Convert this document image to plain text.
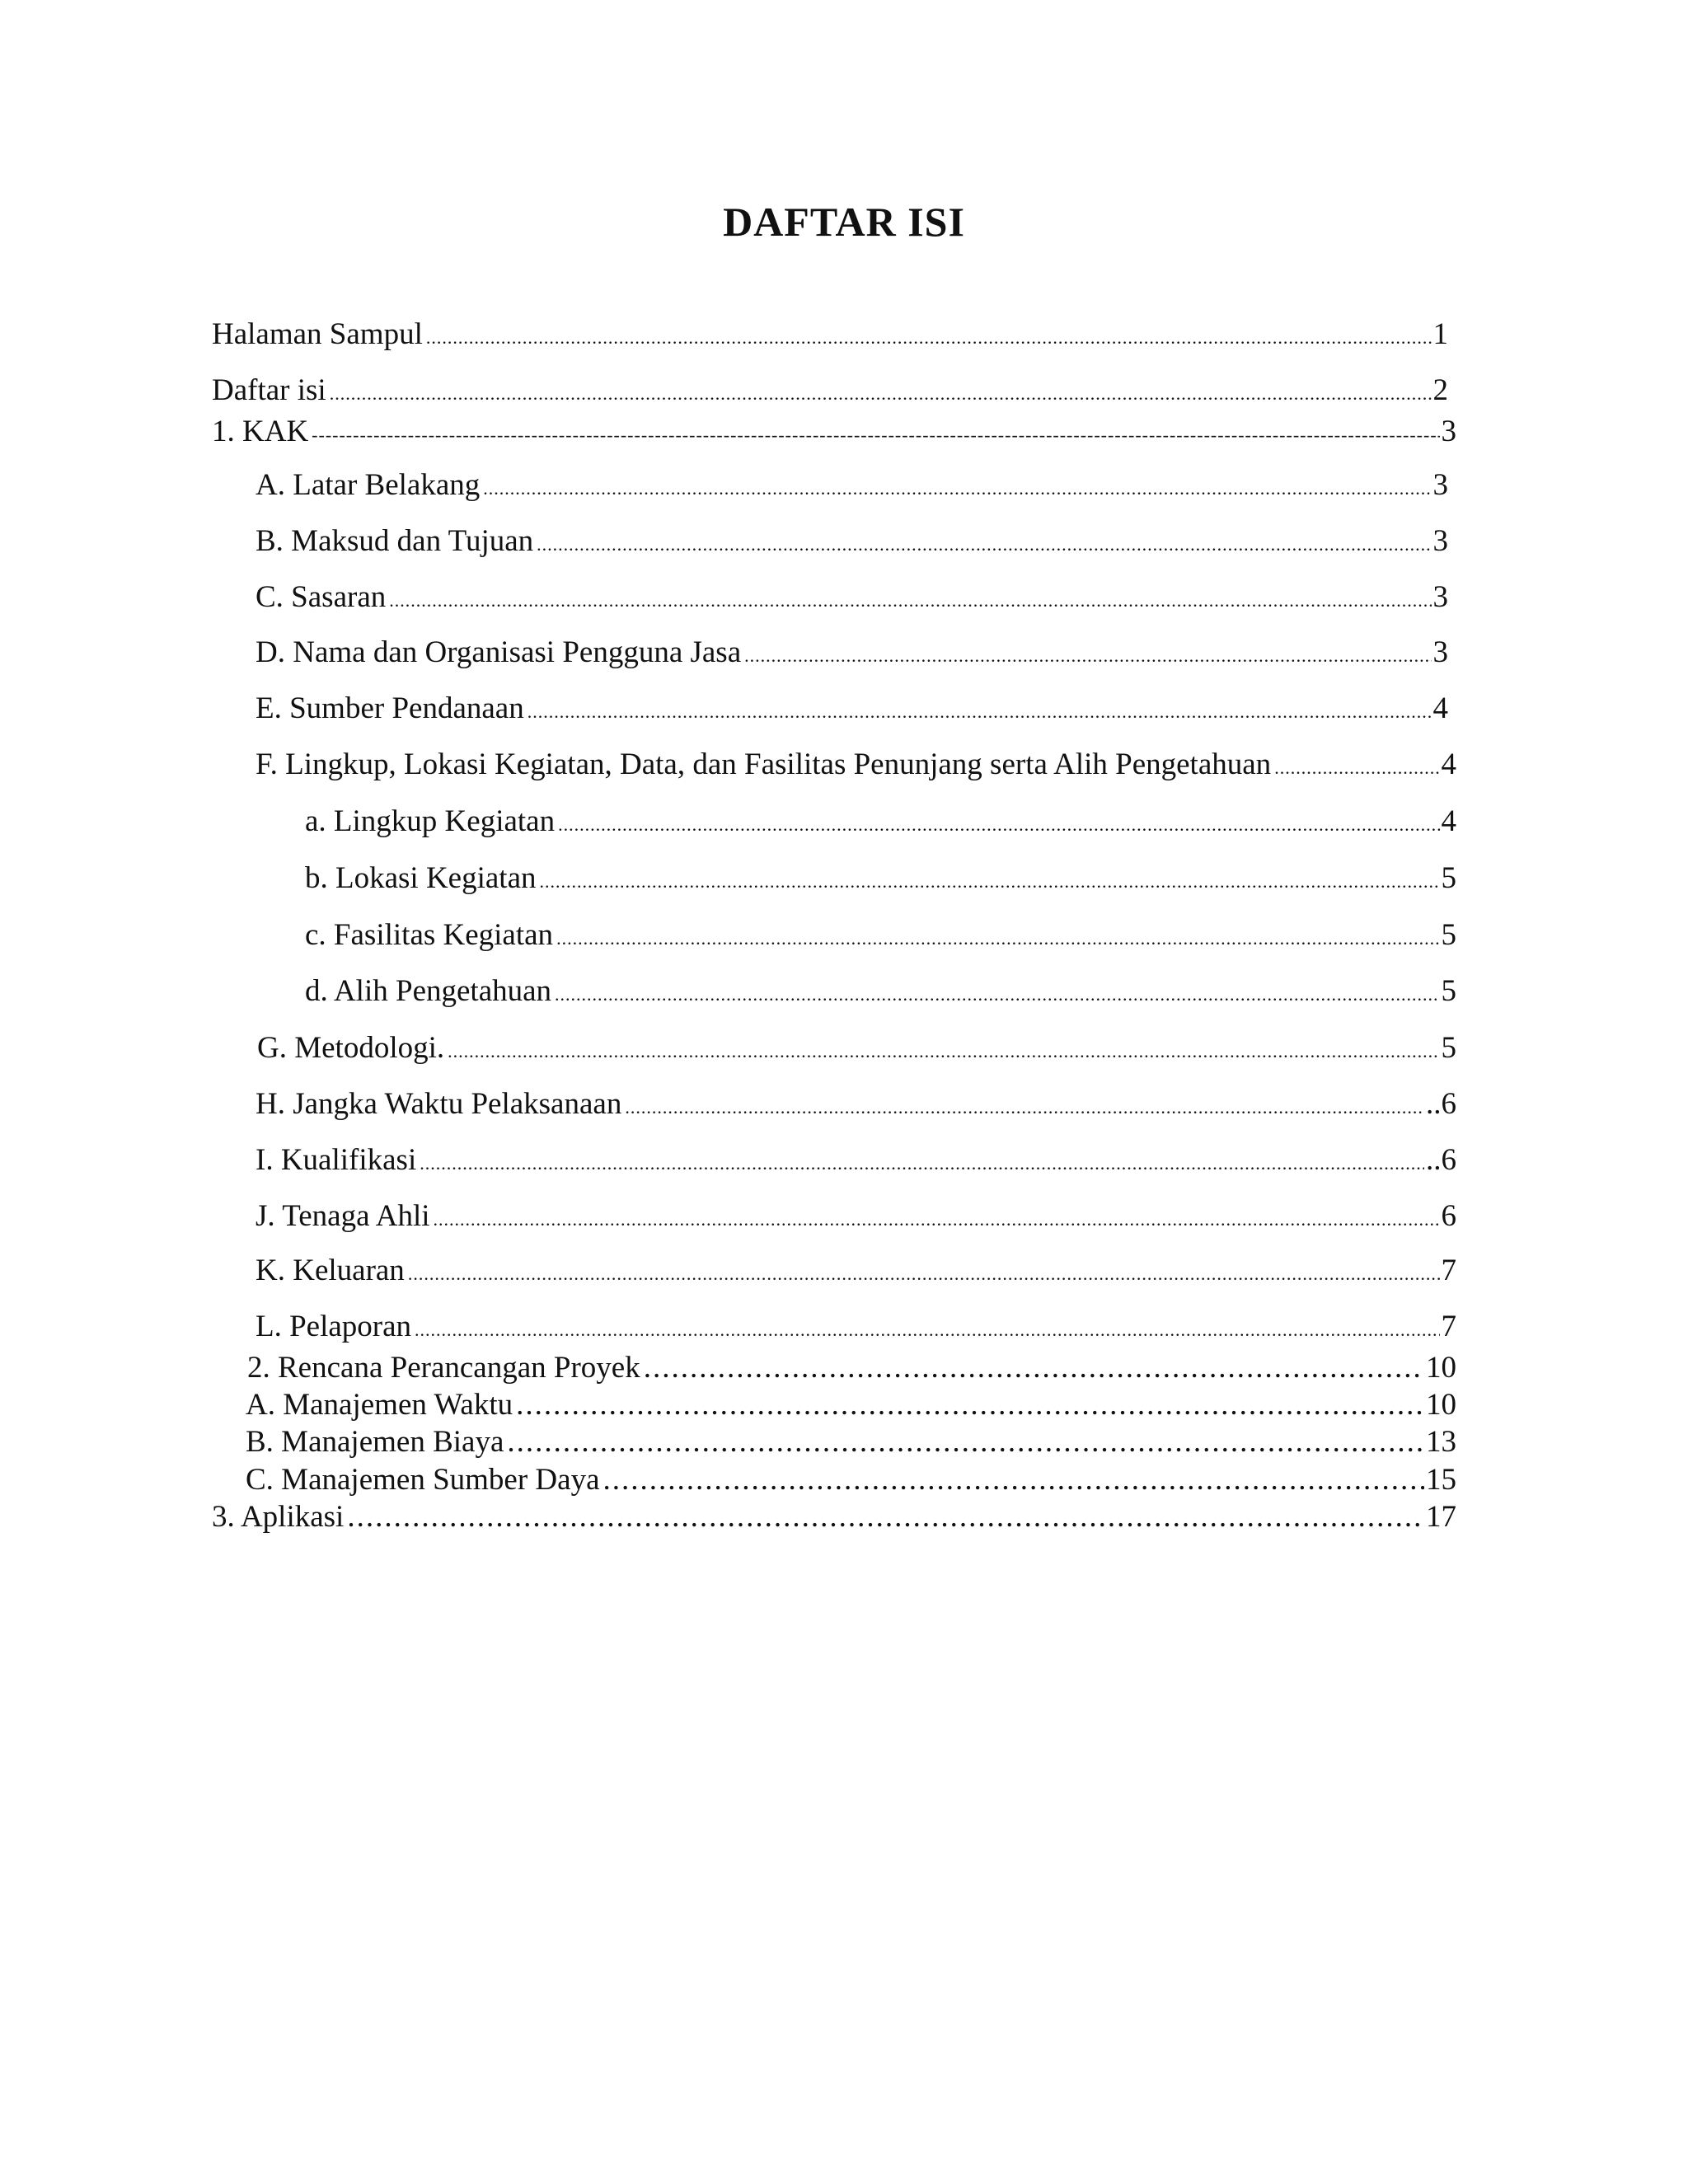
DAFTAR ISI
Halaman Sampul .....	1
Daftar isi .....	2
1. KAK -----	3
A. Latar Belakang .....	3
B. Maksud dan Tujuan .....	3
C. Sasaran .....	3
D. Nama dan Organisasi Pengguna Jasa .....	3
E. Sumber Pendanaan .....	4
F. Lingkup, Lokasi Kegiatan, Data, dan Fasilitas Penunjang serta Alih Pengetahuan .....	4
a. Lingkup Kegiatan .....	4
b. Lokasi Kegiatan .....	5
c. Fasilitas Kegiatan .....	5
d. Alih Pengetahuan .....	5
G. Metodologi. .....	5
H. Jangka Waktu Pelaksanaan .....	..6
I. Kualifikasi .....	..6
J. Tenaga Ahli .....	6
K. Keluaran .....	7
L. Pelaporan .....	7
2. Rencana Perancangan Proyek .....	10
A. Manajemen Waktu .....	10
B. Manajemen Biaya .....	13
C. Manajemen Sumber Daya .....	15
3. Aplikasi .....	17
